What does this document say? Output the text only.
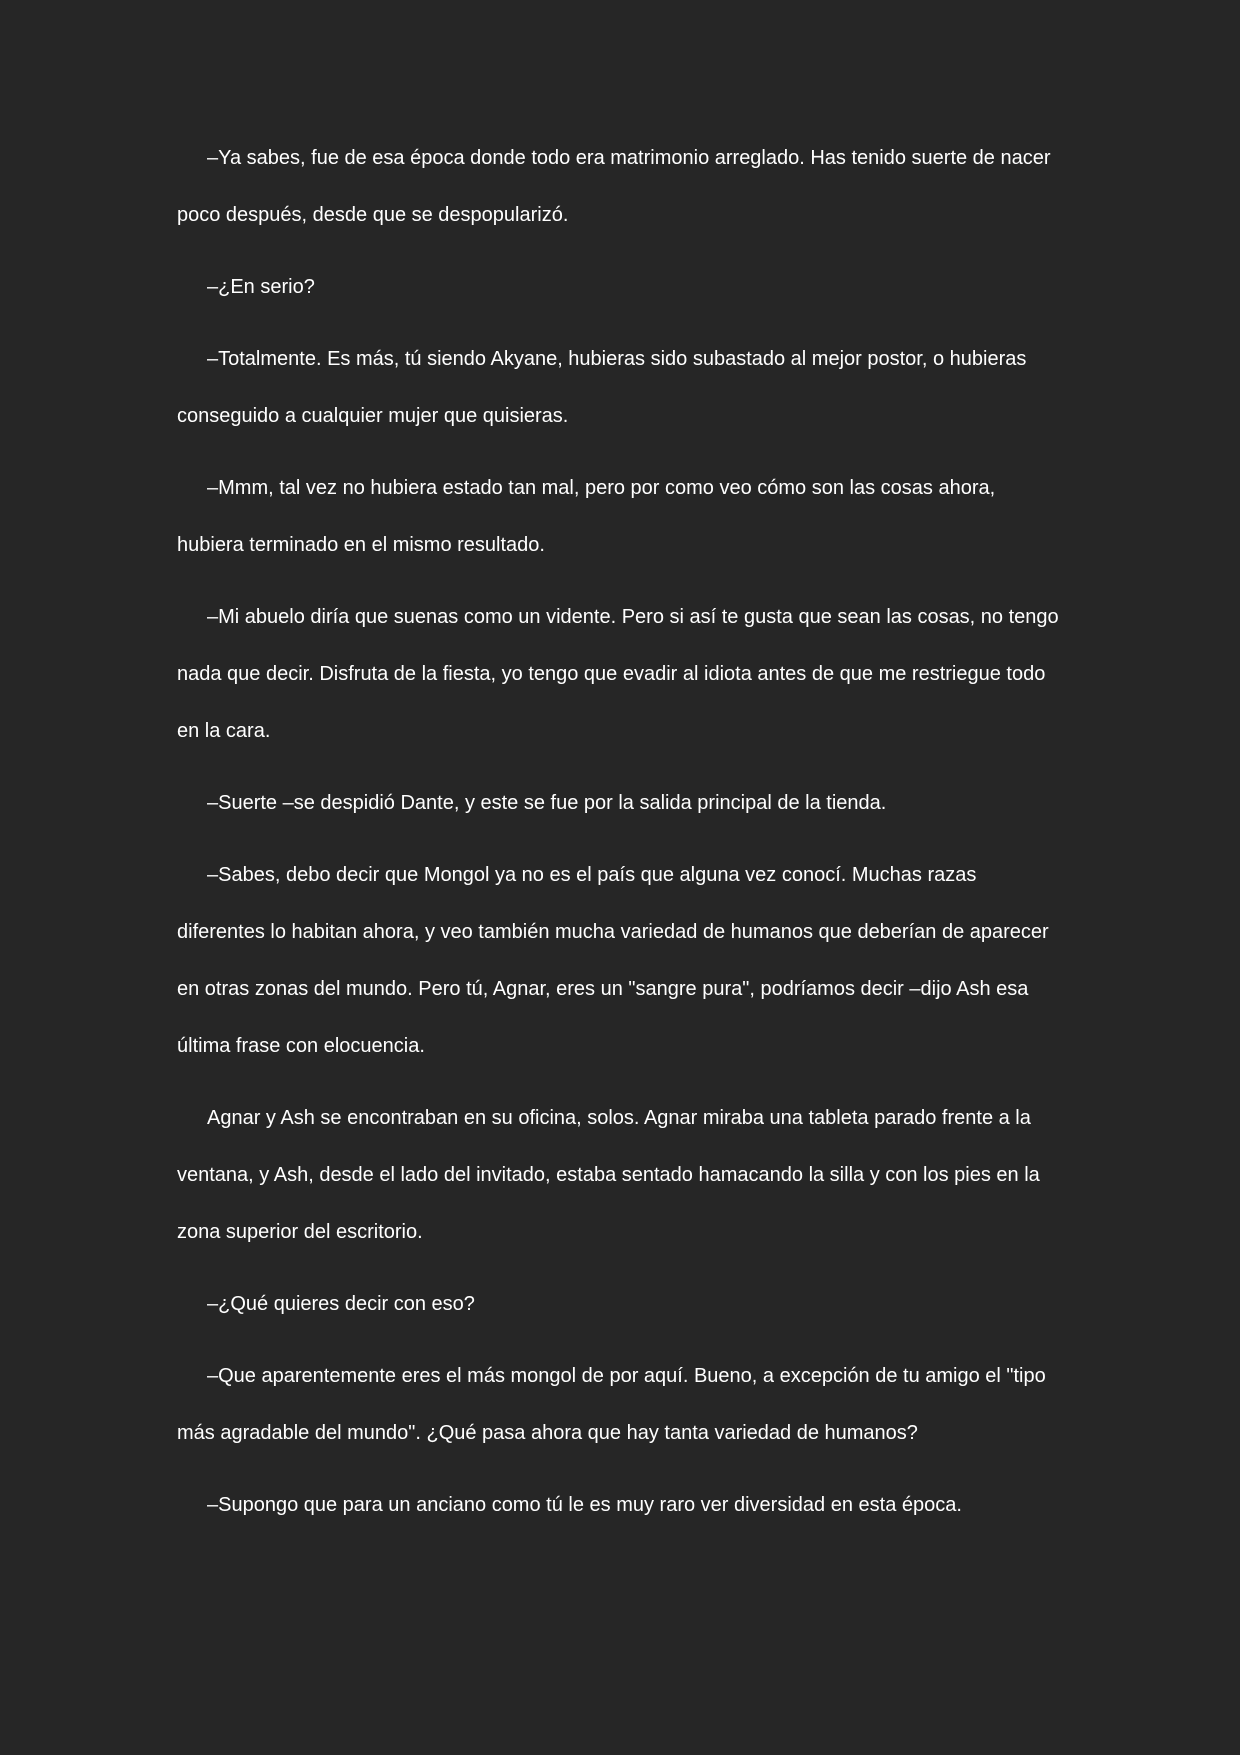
–Ya sabes, fue de esa época donde todo era matrimonio arreglado. Has tenido suerte de nacer poco después, desde que se despopularizó.

–¿En serio?

–Totalmente. Es más, tú siendo Akyane, hubieras sido subastado al mejor postor, o hubieras conseguido a cualquier mujer que quisieras.

–Mmm, tal vez no hubiera estado tan mal, pero por como veo cómo son las cosas ahora, hubiera terminado en el mismo resultado.

–Mi abuelo diría que suenas como un vidente. Pero si así te gusta que sean las cosas, no tengo nada que decir. Disfruta de la fiesta, yo tengo que evadir al idiota antes de que me restriegue todo en la cara.

–Suerte –se despidió Dante, y este se fue por la salida principal de la tienda.

–Sabes, debo decir que Mongol ya no es el país que alguna vez conocí. Muchas razas diferentes lo habitan ahora, y veo también mucha variedad de humanos que deberían de aparecer en otras zonas del mundo. Pero tú, Agnar, eres un "sangre pura", podríamos decir –dijo Ash esa última frase con elocuencia.

Agnar y Ash se encontraban en su oficina, solos. Agnar miraba una tableta parado frente a la ventana, y Ash, desde el lado del invitado, estaba sentado hamacando la silla y con los pies en la zona superior del escritorio.

–¿Qué quieres decir con eso?

–Que aparentemente eres el más mongol de por aquí. Bueno, a excepción de tu amigo el "tipo más agradable del mundo". ¿Qué pasa ahora que hay tanta variedad de humanos?

–Supongo que para un anciano como tú le es muy raro ver diversidad en esta época.
